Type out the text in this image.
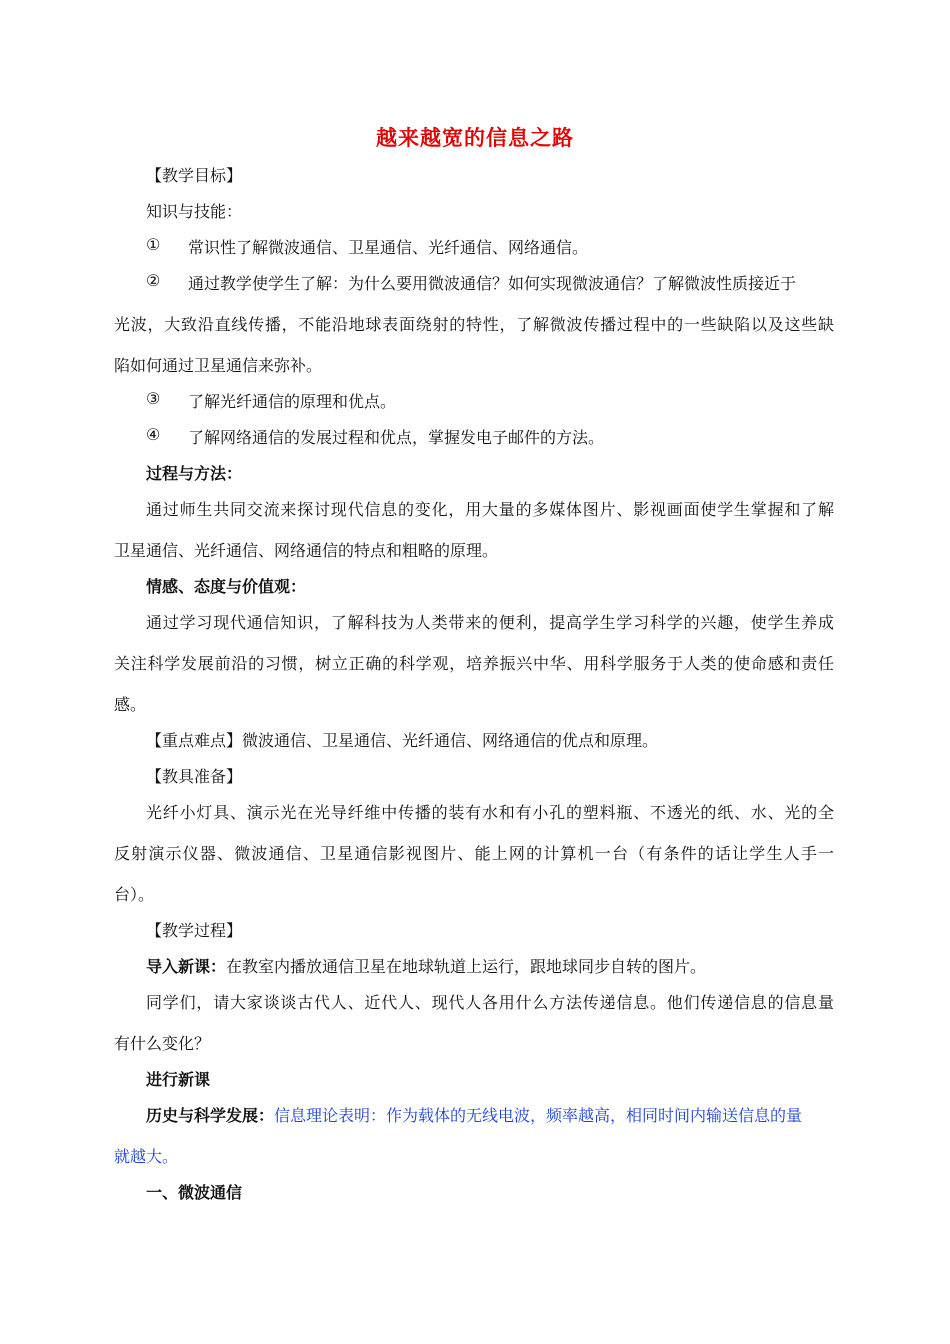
越来越宽的信息之路
【教学目标】
知识与技能：
① 常识性了解微波通信、卫星通信、光纤通信、网络通信。
② 通过教学使学生了解：为什么要用微波通信？如何实现微波通信？了解微波性质接近于
光波，大致沿直线传播，不能沿地球表面绕射的特性，了解微波传播过程中的一些缺陷以及这些缺
陷如何通过卫星通信来弥补。
③ 了解光纤通信的原理和优点。
④ 了解网络通信的发展过程和优点，掌握发电子邮件的方法。
过程与方法：
通过师生共同交流来探讨现代信息的变化，用大量的多媒体图片、影视画面使学生掌握和了解
卫星通信、光纤通信、网络通信的特点和粗略的原理。
情感、态度与价值观：
通过学习现代通信知识，了解科技为人类带来的便利，提高学生学习科学的兴趣，使学生养成
关注科学发展前沿的习惯，树立正确的科学观，培养振兴中华、用科学服务于人类的使命感和责任
感。
【重点难点】微波通信、卫星通信、光纤通信、网络通信的优点和原理。
【教具准备】
光纤小灯具、演示光在光导纤维中传播的装有水和有小孔的塑料瓶、不透光的纸、水、光的全
反射演示仪器、微波通信、卫星通信影视图片、能上网的计算机一台（有条件的话让学生人手一
台）。
【教学过程】
导入新课：在教室内播放通信卫星在地球轨道上运行，跟地球同步自转的图片。
同学们，请大家谈谈古代人、近代人、现代人各用什么方法传递信息。他们传递信息的信息量
有什么变化？
进行新课
历史与科学发展：信息理论表明：作为载体的无线电波，频率越高，相同时间内输送信息的量
就越大。
一、微波通信
